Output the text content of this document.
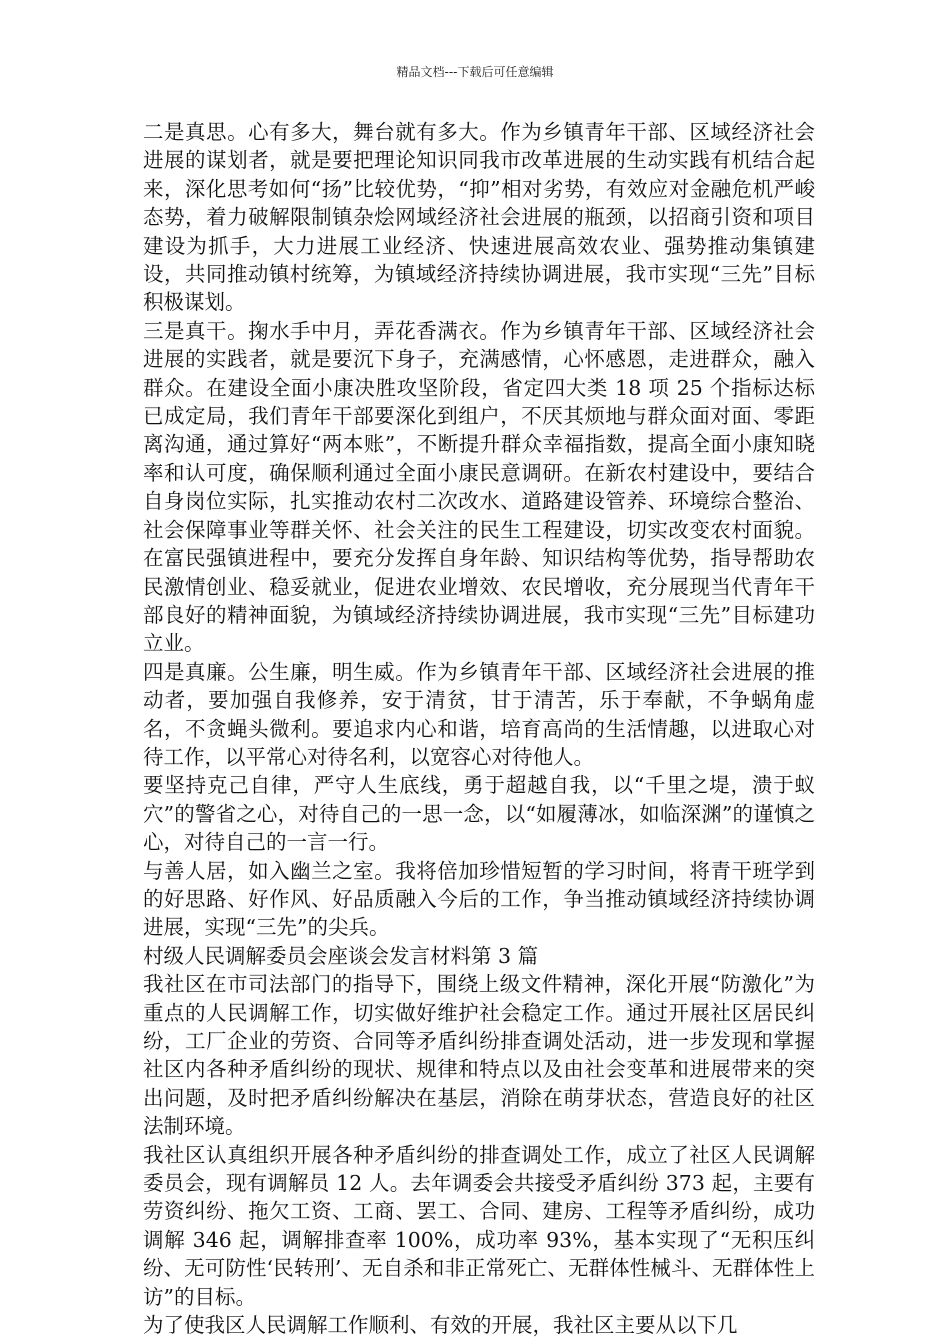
精品文档---下载后可任意编辑

二是真思。心有多大，舞台就有多大。作为乡镇青年干部、区域经济社会进展的谋划者，就是要把理论知识同我市改革进展的生动实践有机结合起来，深化思考如何“扬”比较优势，“抑”相对劣势，有效应对金融危机严峻态势，着力破解限制镇杂烩网域经济社会进展的瓶颈，以招商引资和项目建设为抓手，大力进展工业经济、快速进展高效农业、强势推动集镇建设，共同推动镇村统筹，为镇域经济持续协调进展，我市实现“三先”目标积极谋划。

三是真干。掬水手中月，弄花香满衣。作为乡镇青年干部、区域经济社会进展的实践者，就是要沉下身子，充满感情，心怀感恩，走进群众，融入群众。在建设全面小康决胜攻坚阶段，省定四大类 18 项 25 个指标达标已成定局，我们青年干部要深化到组户，不厌其烦地与群众面对面、零距离沟通，通过算好“两本账”，不断提升群众幸福指数，提高全面小康知晓率和认可度，确保顺利通过全面小康民意调研。在新农村建设中，要结合自身岗位实际，扎实推动农村二次改水、道路建设管养、环境综合整治、社会保障事业等群关怀、社会关注的民生工程建设，切实改变农村面貌。在富民强镇进程中，要充分发挥自身年龄、知识结构等优势，指导帮助农民激情创业、稳妥就业，促进农业增效、农民增收，充分展现当代青年干部良好的精神面貌，为镇域经济持续协调进展，我市实现“三先”目标建功立业。

四是真廉。公生廉，明生威。作为乡镇青年干部、区域经济社会进展的推动者，要加强自我修养，安于清贫，甘于清苦，乐于奉献，不争蜗角虚名，不贪蝇头微利。要追求内心和谐，培育高尚的生活情趣，以进取心对待工作，以平常心对待名利，以宽容心对待他人。

要坚持克己自律，严守人生底线，勇于超越自我，以“千里之堤，溃于蚁穴”的警省之心，对待自己的一思一念，以“如履薄冰，如临深渊”的谨慎之心，对待自己的一言一行。

与善人居，如入幽兰之室。我将倍加珍惜短暂的学习时间，将青干班学到的好思路、好作风、好品质融入今后的工作，争当推动镇域经济持续协调进展，实现“三先”的尖兵。

村级人民调解委员会座谈会发言材料第 3 篇

我社区在市司法部门的指导下，围绕上级文件精神，深化开展“防激化”为重点的人民调解工作，切实做好维护社会稳定工作。通过开展社区居民纠纷，工厂企业的劳资、合同等矛盾纠纷排查调处活动，进一步发现和掌握社区内各种矛盾纠纷的现状、规律和特点以及由社会变革和进展带来的突出问题，及时把矛盾纠纷解决在基层，消除在萌芽状态，营造良好的社区法制环境。

我社区认真组织开展各种矛盾纠纷的排查调处工作，成立了社区人民调解委员会，现有调解员 12 人。去年调委会共接受矛盾纠纷 373 起，主要有劳资纠纷、拖欠工资、工商、罢工、合同、建房、工程等矛盾纠纷，成功调解 346 起，调解排查率 100%，成功率 93%，基本实现了“无积压纠纷、无可防性‘民转刑’、无自杀和非正常死亡、无群体性械斗、无群体性上访”的目标。

为了使我区人民调解工作顺利、有效的开展，我社区主要从以下几
